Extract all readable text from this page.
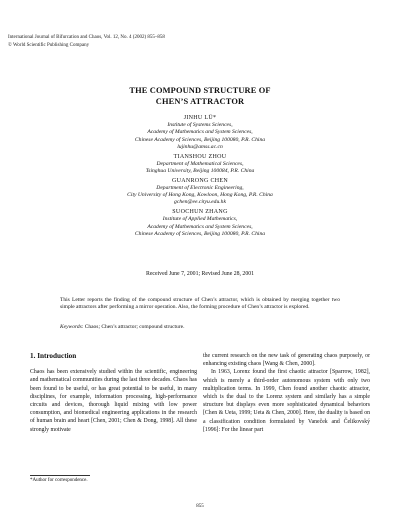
International Journal of Bifurcation and Chaos, Vol. 12, No. 4 (2002) 855–858
© World Scientific Publishing Company
THE COMPOUND STRUCTURE OF
CHEN’S ATTRACTOR
JINHU LÜ*
Institute of Systems Sciences,
Academy of Mathematics and System Sciences,
Chinese Academy of Sciences, Beijing 100080, P.R. China
lujinhu@amss.ac.cn
TIANSHOU ZHOU
Department of Mathematical Sciences,
Tsinghua University, Beijing 100084, P.R. China
GUANRONG CHEN
Department of Electronic Engineering,
City University of Hong Kong, Kowloon, Hong Kong, P.R. China
gchen@ee.cityu.edu.hk
SUOCHUN ZHANG
Institute of Applied Mathematics,
Academy of Mathematics and System Sciences,
Chinese Academy of Sciences, Beijing 100080, P.R. China
Received June 7, 2001; Revised June 28, 2001
This Letter reports the finding of the compound structure of Chen’s attractor, which is obtained by merging together two simple attractors after performing a mirror operation. Also, the forming procedure of Chen’s attractor is explored.
Keywords: Chaos; Chen’s attractor; compound structure.
1. Introduction

Chaos has been extensively studied within the scientific, engineering and mathematical communities during the last three decades. Chaos has been found to be useful, or has great potential to be useful, in many disciplines, for example, information processing, high-performance circuits and devices, thorough liquid mixing with low power consumption, and biomedical engineering applications in the research of human brain and heart [Chen, 2001; Chen & Dong, 1998]. All these strongly motivate

the current research on the new task of generating chaos purposely, or enhancing existing chaos [Wang & Chen, 2000].

In 1963, Lorenz found the first chaotic attractor [Sparrow, 1982], which is merely a third-order autonomous system with only two multiplication terms. In 1999, Chen found another chaotic attractor, which is the dual to the Lorenz system and similarly has a simple structure but displays even more sophisticated dynamical behaviors [Chen & Ueta, 1999; Ueta & Chen, 2000]. Here, the duality is based on a classification condition formulated by Vaneček and Čelikovský [1996]: For the linear part

*Author for correspondence.
855
